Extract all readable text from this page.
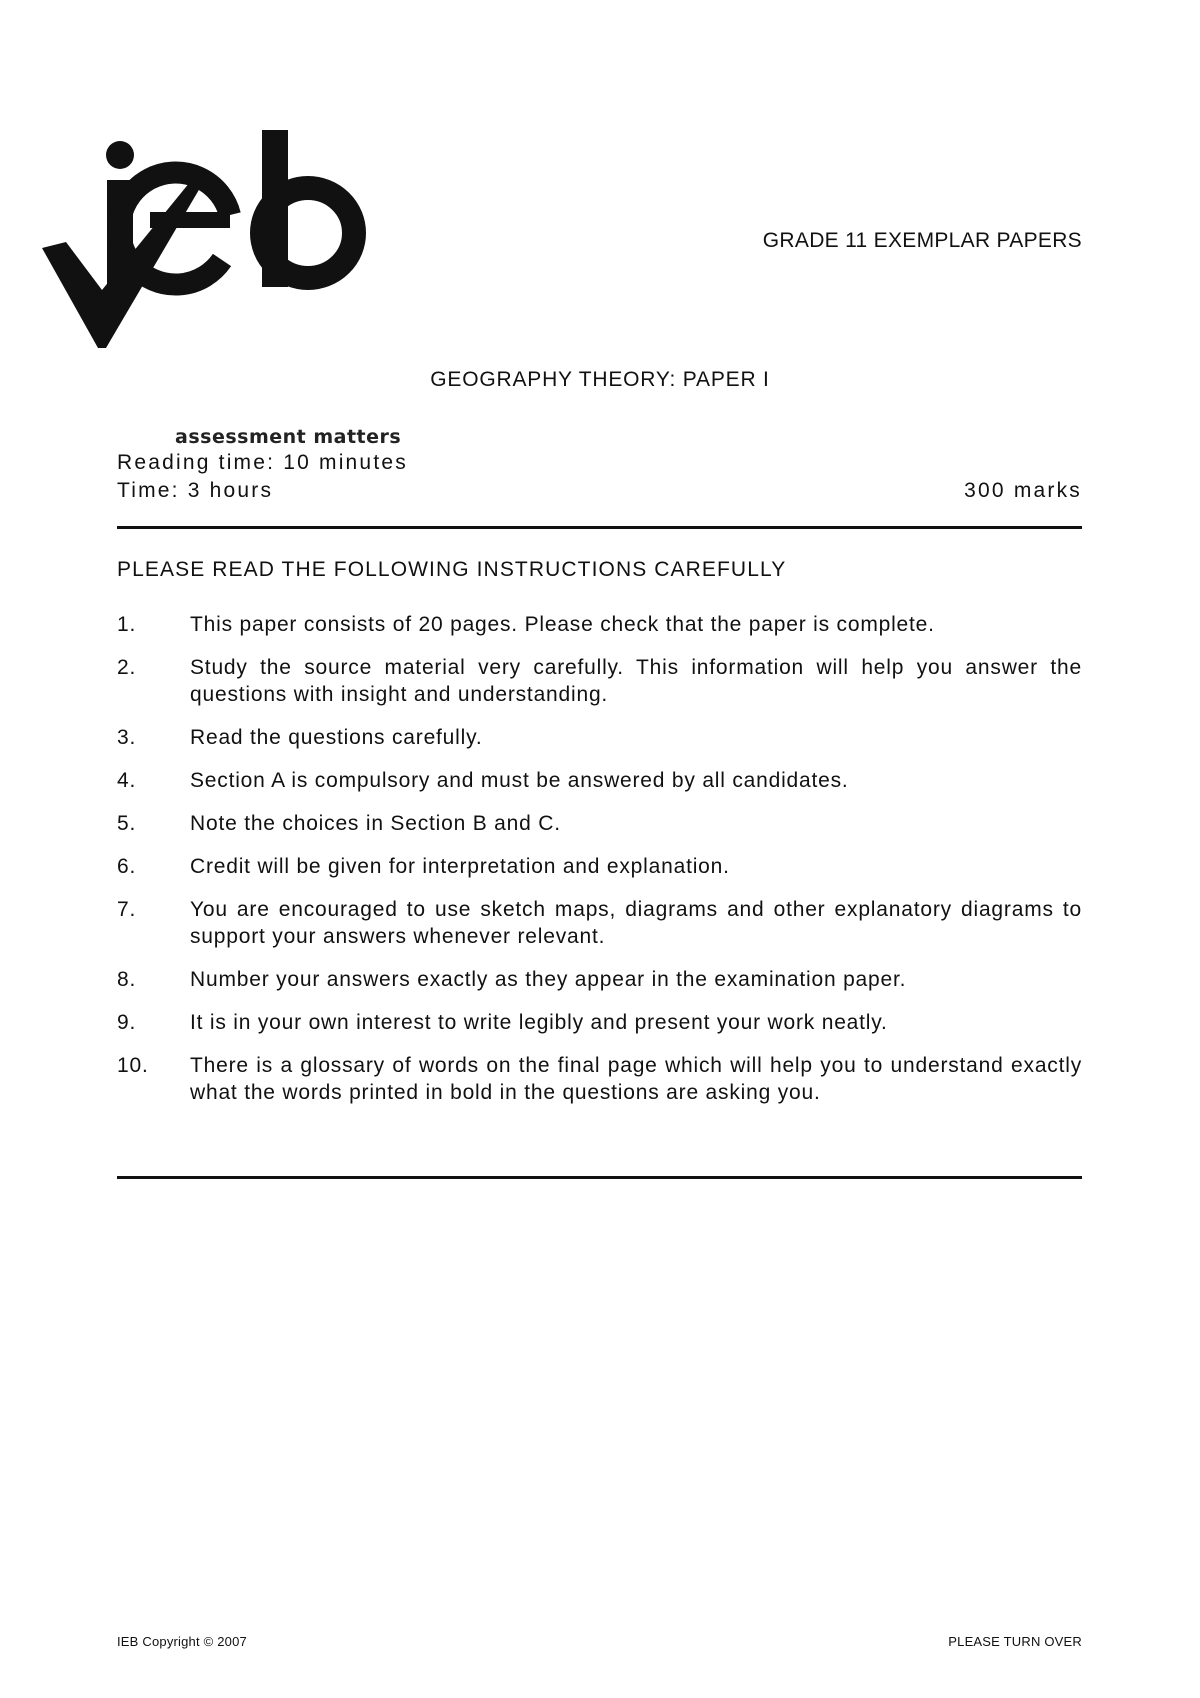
assessment matters
GRADE 11 EXEMPLAR PAPERS
GEOGRAPHY THEORY: PAPER I
Reading time: 10 minutes
Time: 3 hours	300 marks
PLEASE READ THE FOLLOWING INSTRUCTIONS CAREFULLY
1.	This paper consists of 20 pages. Please check that the paper is complete.
2.	Study the source material very carefully. This information will help you answer the questions with insight and understanding.
3.	Read the questions carefully.
4.	Section A is compulsory and must be answered by all candidates.
5.	Note the choices in Section B and C.
6.	Credit will be given for interpretation and explanation.
7.	You are encouraged to use sketch maps, diagrams and other explanatory diagrams to support your answers whenever relevant.
8.	Number your answers exactly as they appear in the examination paper.
9.	It is in your own interest to write legibly and present your work neatly.
10.	There is a glossary of words on the final page which will help you to understand exactly what the words printed in bold in the questions are asking you.
IEB Copyright © 2007	PLEASE TURN OVER
